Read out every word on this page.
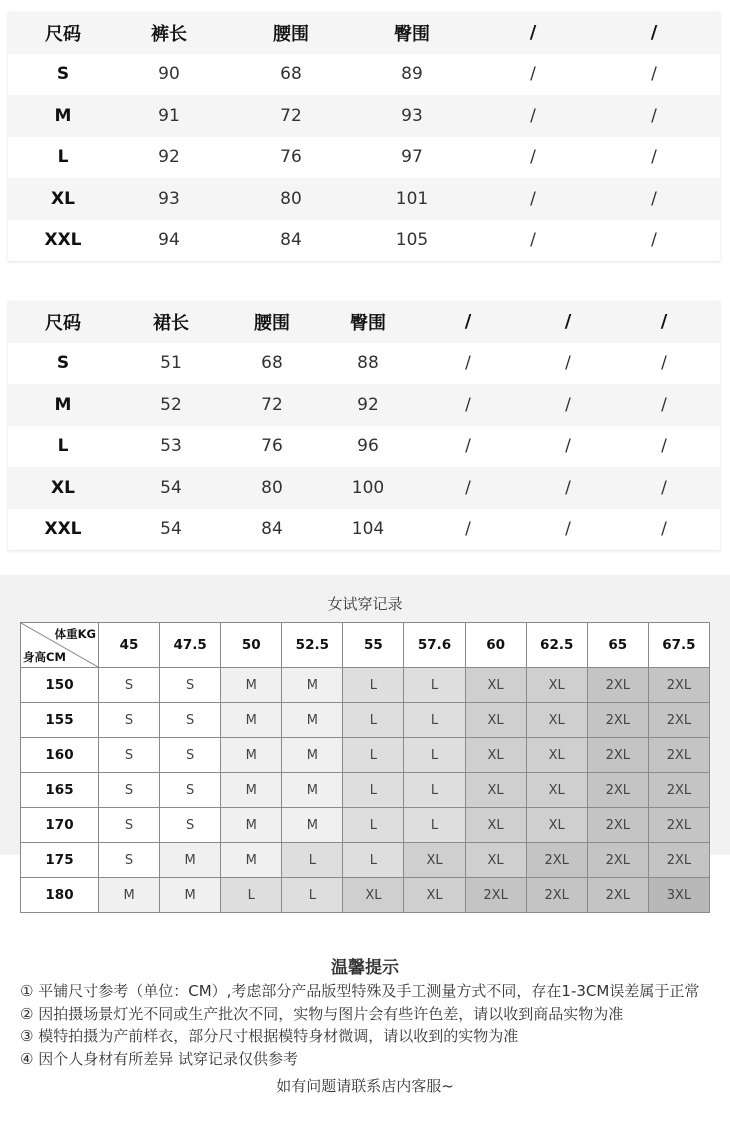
尺码	裤长	腰围	臀围	/	/
S	90	68	89	/	/
M	91	72	93	/	/
L	92	76	97	/	/
XL	93	80	101	/	/
XXL	94	84	105	/	/
尺码	裙长	腰围	臀围	/	/	/
S	51	68	88	/	/	/
M	52	72	92	/	/	/
L	53	76	96	/	/	/
XL	54	80	100	/	/	/
XXL	54	84	104	/	/	/
女试穿记录
体重KG
身高CM	45	47.5	50	52.5	55	57.6	60	62.5	65	67.5
150	S	S	M	M	L	L	XL	XL	2XL	2XL
155	S	S	M	M	L	L	XL	XL	2XL	2XL
160	S	S	M	M	L	L	XL	XL	2XL	2XL
165	S	S	M	M	L	L	XL	XL	2XL	2XL
170	S	S	M	M	L	L	XL	XL	2XL	2XL
175	S	M	M	L	L	XL	XL	2XL	2XL	2XL
180	M	M	L	L	XL	XL	2XL	2XL	2XL	3XL
温馨提示
① 平铺尺寸参考（单位：CM）,考虑部分产品版型特殊及手工测量方式不同，存在1-3CM误差属于正常
② 因拍摄场景灯光不同或生产批次不同，实物与图片会有些许色差，请以收到商品实物为准
③ 模特拍摄为产前样衣，部分尺寸根据模特身材微调，请以收到的实物为准
④ 因个人身材有所差异 试穿记录仅供参考
如有问题请联系店内客服~
